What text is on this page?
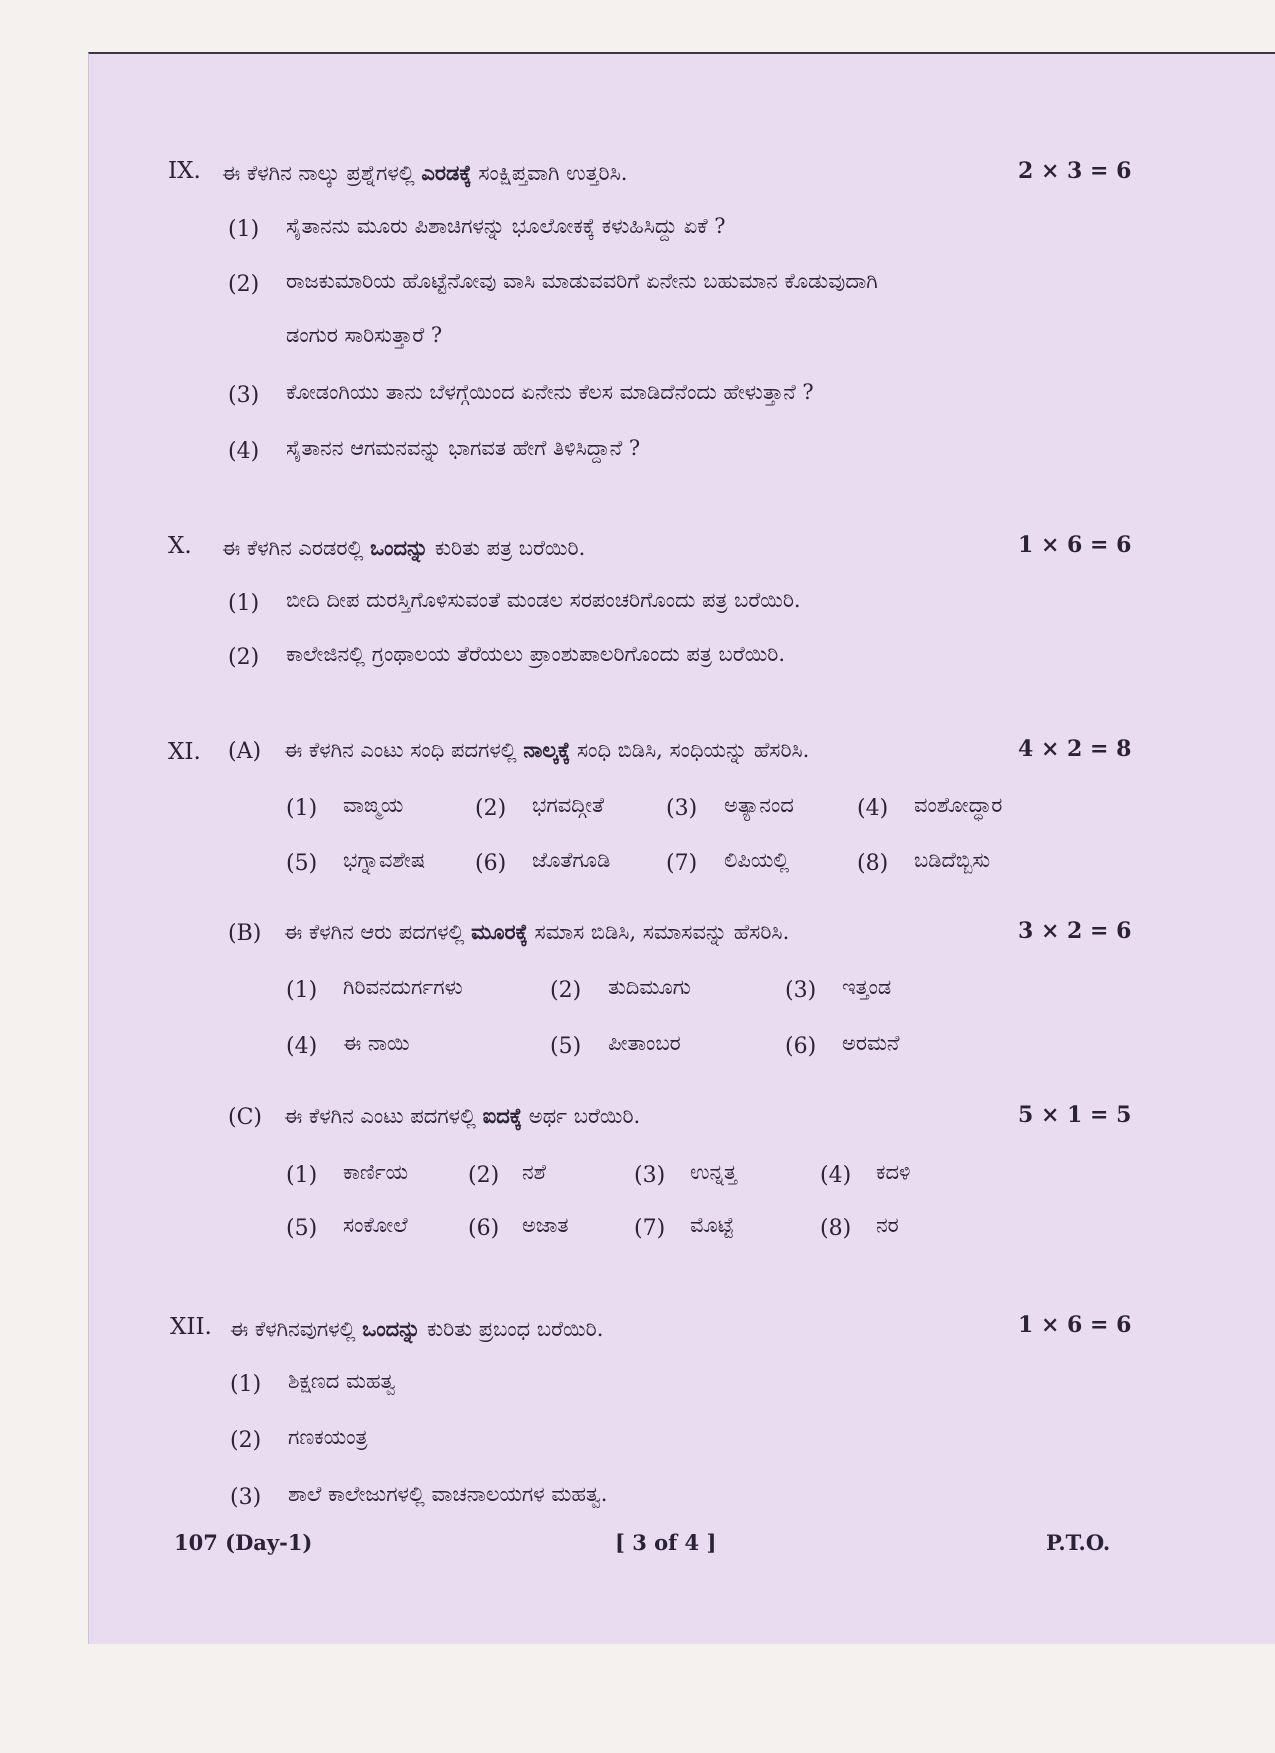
IX. ಈ ಕೆಳಗಿನ ನಾಲ್ಕು ಪ್ರಶ್ನೆಗಳಲ್ಲಿ ಎರಡಕ್ಕೆ ಸಂಕ್ಷಿಪ್ತವಾಗಿ ಉತ್ತರಿಸಿ.	2 × 3 = 6
(1) ಸೈತಾನನು ಮೂರು ಪಿಶಾಚಿಗಳನ್ನು ಭೂಲೋಕಕ್ಕೆ ಕಳುಹಿಸಿದ್ದು ಏಕೆ ?
(2) ರಾಜಕುಮಾರಿಯ ಹೊಟ್ಟೆನೋವು ವಾಸಿ ಮಾಡುವವರಿಗೆ ಏನೇನು ಬಹುಮಾನ ಕೊಡುವುದಾಗಿ
ಡಂಗುರ ಸಾರಿಸುತ್ತಾರೆ ?
(3) ಕೋಡಂಗಿಯು ತಾನು ಬೆಳಗ್ಗೆಯಿಂದ ಏನೇನು ಕೆಲಸ ಮಾಡಿದೆನೆಂದು ಹೇಳುತ್ತಾನೆ ?
(4) ಸೈತಾನನ ಆಗಮನವನ್ನು ಭಾಗವತ ಹೇಗೆ ತಿಳಿಸಿದ್ದಾನೆ ?
X. ಈ ಕೆಳಗಿನ ಎರಡರಲ್ಲಿ ಒಂದನ್ನು ಕುರಿತು ಪತ್ರ ಬರೆಯಿರಿ.	1 × 6 = 6
(1) ಬೀದಿ ದೀಪ ದುರಸ್ತಿಗೊಳಿಸುವಂತೆ ಮಂಡಲ ಸರಪಂಚರಿಗೊಂದು ಪತ್ರ ಬರೆಯಿರಿ.
(2) ಕಾಲೇಜಿನಲ್ಲಿ ಗ್ರಂಥಾಲಯ ತೆರೆಯಲು ಪ್ರಾಂಶುಪಾಲರಿಗೊಂದು ಪತ್ರ ಬರೆಯಿರಿ.
XI. (A) ಈ ಕೆಳಗಿನ ಎಂಟು ಸಂಧಿ ಪದಗಳಲ್ಲಿ ನಾಲ್ಕಕ್ಕೆ ಸಂಧಿ ಬಿಡಿಸಿ, ಸಂಧಿಯನ್ನು ಹೆಸರಿಸಿ.	4 × 2 = 8
(1) ವಾಙ್ಮಯ	(2) ಭಗವದ್ಗೀತೆ	(3) ಅತ್ಯಾನಂದ	(4) ವಂಶೋದ್ಧಾರ
(5) ಭಗ್ನಾವಶೇಷ (6) ಜೊತೆಗೂಡಿ	(7) ಲಿಪಿಯಲ್ಲಿ	(8) ಬಡಿದೆಬ್ಬಿಸು
(B) ಈ ಕೆಳಗಿನ ಆರು ಪದಗಳಲ್ಲಿ ಮೂರಕ್ಕೆ ಸಮಾಸ ಬಿಡಿಸಿ, ಸಮಾಸವನ್ನು ಹೆಸರಿಸಿ.	3 × 2 = 6
(1) ಗಿರಿವನದುರ್ಗಗಳು	(2) ತುದಿಮೂಗು	(3) ಇತ್ತಂಡ
(4) ಈ ನಾಯಿ	(5) ಪೀತಾಂಬರ	(6) ಅರಮನೆ
(C) ಈ ಕೆಳಗಿನ ಎಂಟು ಪದಗಳಲ್ಲಿ ಐದಕ್ಕೆ ಅರ್ಥ ಬರೆಯಿರಿ.	5 × 1 = 5
(1) ಕಾರ್ಣಿಯ	(2) ನಶೆ	(3) ಉನ್ನತ್ತ	(4) ಕದಳಿ
(5) ಸಂಕೋಲೆ	(6) ಅಜಾತ	(7) ಮೊಟ್ಟೆ	(8) ನರ
XII. ಈ ಕೆಳಗಿನವುಗಳಲ್ಲಿ ಒಂದನ್ನು ಕುರಿತು ಪ್ರಬಂಧ ಬರೆಯಿರಿ.	1 × 6 = 6
(1) ಶಿಕ್ಷಣದ ಮಹತ್ವ
(2) ಗಣಕಯಂತ್ರ
(3) ಶಾಲೆ ಕಾಲೇಜುಗಳಲ್ಲಿ ವಾಚನಾಲಯಗಳ ಮಹತ್ವ.
107 (Day-1)	[ 3 of 4 ]	P.T.O.
